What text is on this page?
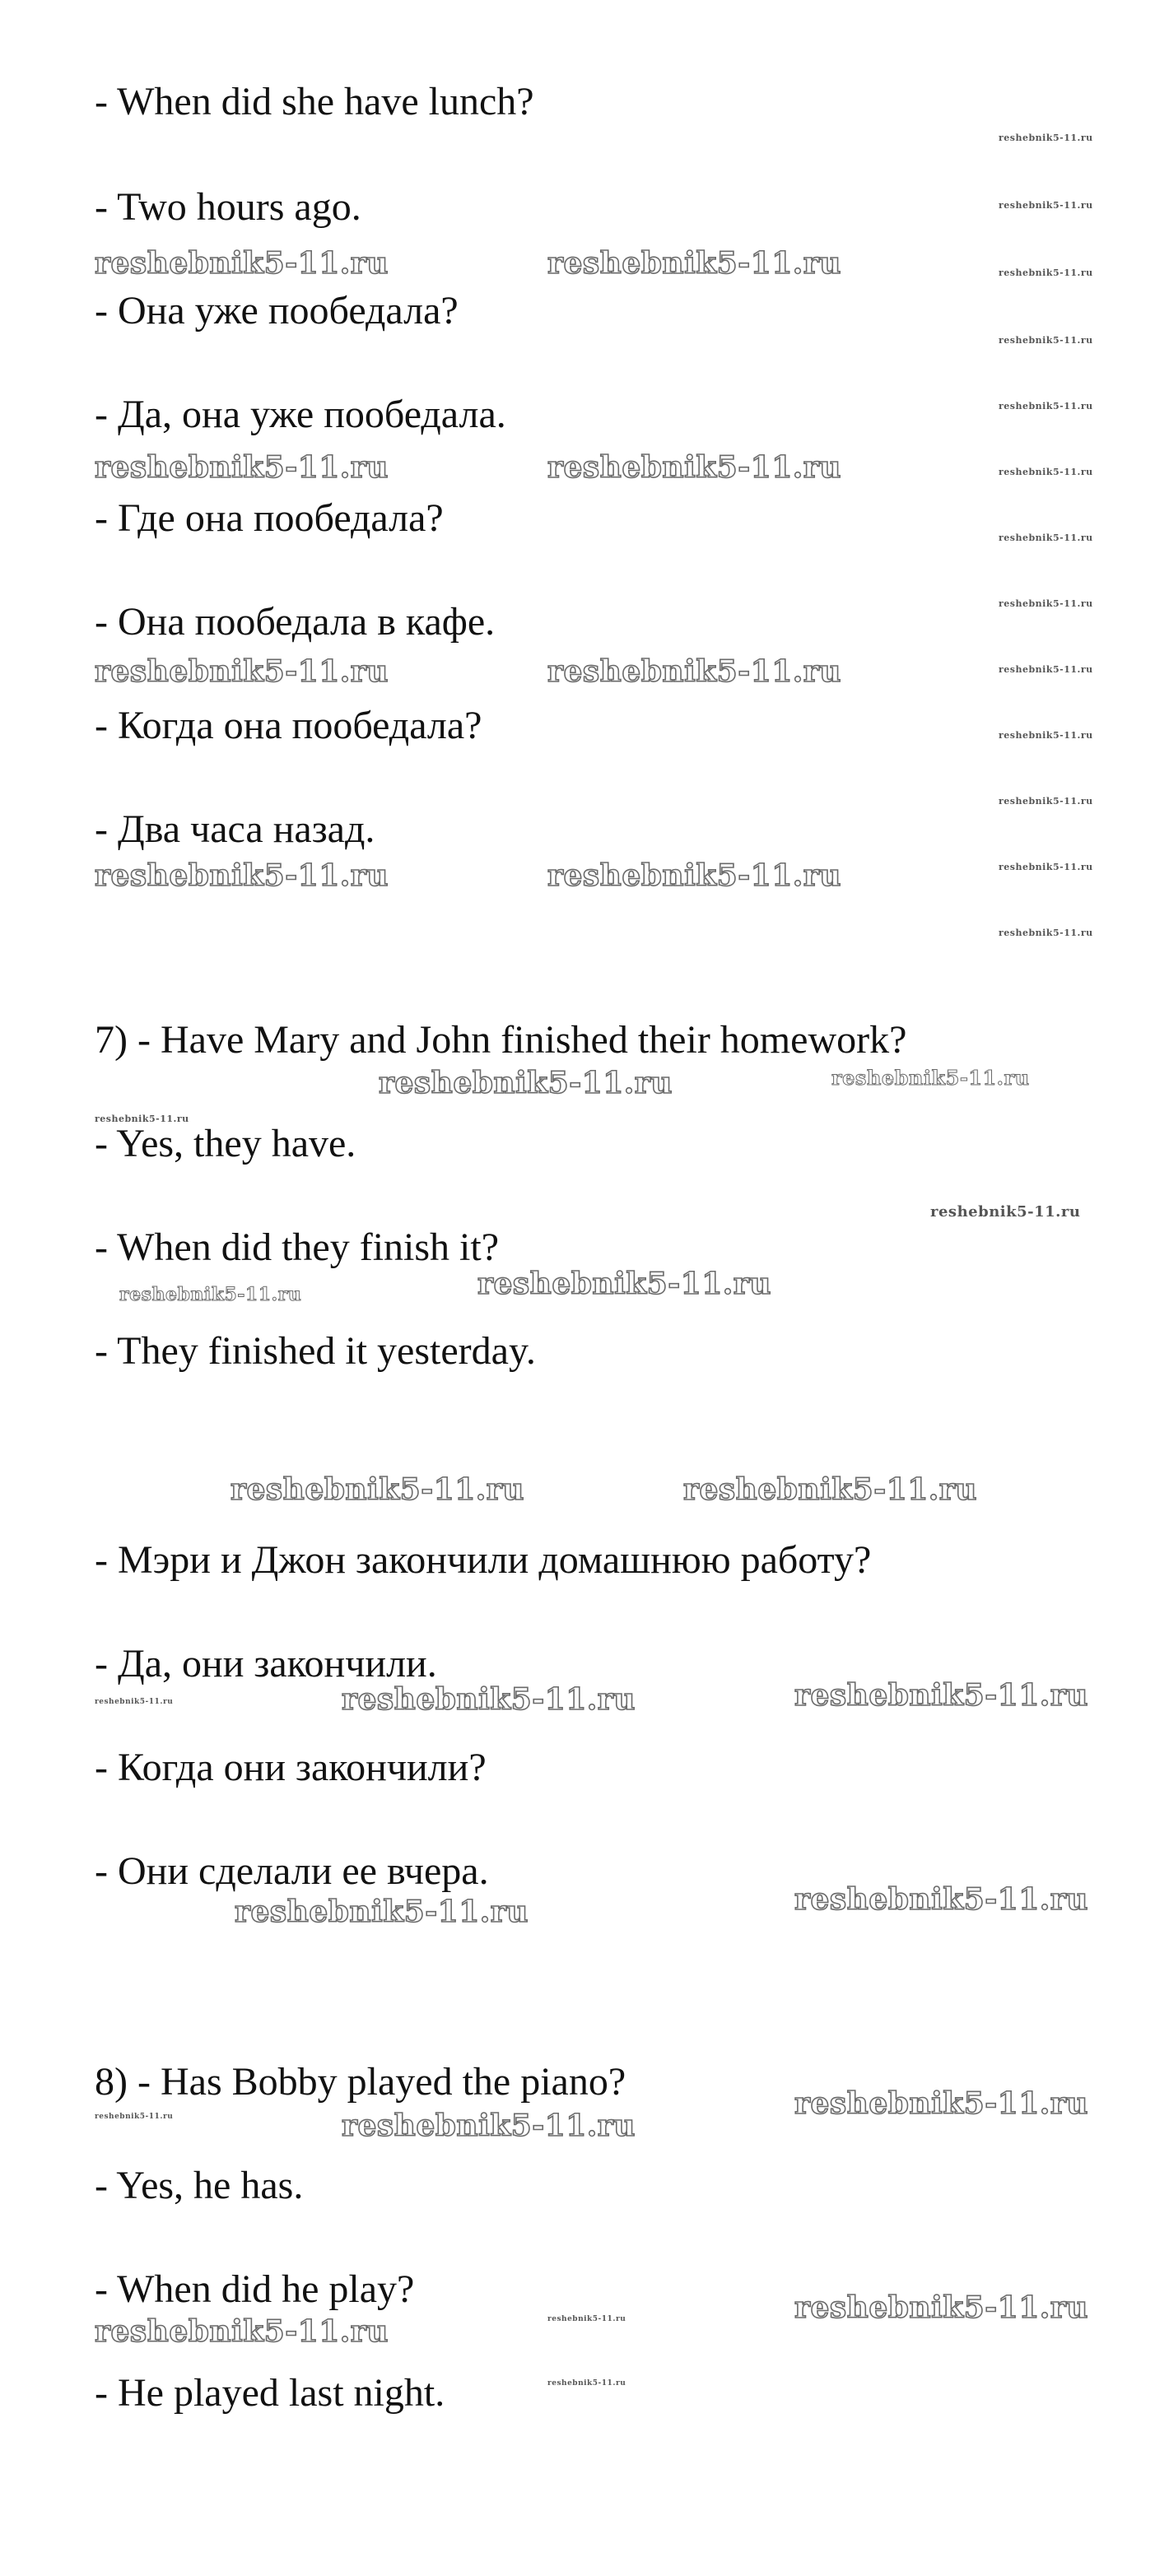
- When did she have lunch?
- Two hours ago.
- Она уже пообедала?
- Да, она уже пообедала.
- Где она пообедала?
- Она пообедала в кафе.
- Когда она пообедала?
- Два часа назад.
7) - Have Mary and John finished their homework?
- Yes, they have.
- When did they finish it?
- They finished it yesterday.
- Мэри и Джон закончили домашнюю работу?
- Да, они закончили.
- Когда они закончили?
- Они сделали ее вчера.
8) - Has Bobby played the piano?
- Yes, he has.
- When did he play?
- He played last night.
reshebnik5-11.ru	reshebnik5-11.ru
reshebnik5-11.ru	reshebnik5-11.ru
reshebnik5-11.ru	reshebnik5-11.ru
reshebnik5-11.ru	reshebnik5-11.ru
reshebnik5-11.ru
reshebnik5-11.ru
reshebnik5-11.ru	reshebnik5-11.ru
reshebnik5-11.ru	reshebnik5-11.ru
reshebnik5-11.ru	reshebnik5-11.ru
reshebnik5-11.ru
reshebnik5-11.ru
reshebnik5-11.ru
reshebnik5-11.ru
reshebnik5-11.ru
reshebnik5-11.ru
reshebnik5-11.ru
reshebnik5-11.ru
reshebnik5-11.ru
reshebnik5-11.ru
reshebnik5-11.ru
reshebnik5-11.ru
reshebnik5-11.ru
reshebnik5-11.ru
reshebnik5-11.ru
reshebnik5-11.ru
reshebnik5-11.ru
reshebnik5-11.ru
reshebnik5-11.ru
reshebnik5-11.ru
reshebnik5-11.ru
reshebnik5-11.ru
reshebnik5-11.ru
reshebnik5-11.ru
reshebnik5-11.ru
